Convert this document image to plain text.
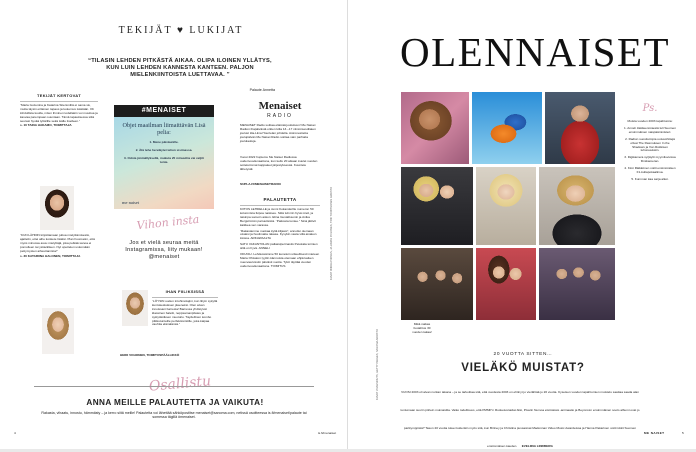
TEKIJÄT ♥ LUKIJAT
“TILASIN LEHDEN PITKÄSTÄ AIKAA. OLIPA ILOINEN YLLÄTYS, KUN LUIN LEHDEN KANNESTA KANTEEN. PALJON MIELENKIINTOISTA LUETTAVAA. ”
Palaute Annetta
TEKIJÄT KERTOVAT
“Maria Guzenina ja Katarina Sitersmiltä ei sama sä, mutta täysin erilainen tapaus ja kokemus isästään. Oli lohdullista kuulla, miten ihminen todellakin voi muuttua ja kasvaa parempaan suuntaan. Tämä tapauksessa siitä seurasi hyvää tyttärille sekä isälle itselleen.”
s. 10 TAINA HAKAMO, TOIMITTAJA
“KUN LÄHDIN kirjoittamaan juttua mielyttämisestä, ajattelin, ettei aihe koskete lisäksi. Pian huomasin, että myös minussa asuu mielyttäjä, joka pelkää sanoa ei pomolleen tai ystävälleen. Nyt opettelen uskomään pettymysten aiheuttamista!”
s. 30 KATARIINA HALONEN, TOIMITTAJA
#MENAISET
Objet maailman liimaittävän Lisä pelia:
1. Mene päiväunille.
2. Älä tehe hereläytet teliun sisimassa.
3. Odota jänmällyksellä, mukuta 20 minuuttia vai veljiti tunte.
me naiset
Vihon insta
Jos et vielä seuraa meitä Instagramissa, liity mukaan! @menaiset
IHAN FIILIKSISSÄ
“LÖYSIN uuden intohimolajini, kun liityin sykyllä kuntokeskuksen jäseneksi. Olen aivan innoissani barresta! Barressa yhdistyvät klassinen baletti, neppsamanpilates ja sykiyököiksen muotoilu. Täydellinen kombo pilkkutunteille perfektionistille, joka kaipaa vauhtia elämäänsä.”
HEIDI VOHONEN, TOIMITUSPÄÄLLIKKÖ
Menaiset
RADIO
MENAISET Radio soittaa elämää joulukuun! Me Naiset Radion ihapäivästä orkien kilta 13.–17 viimmisesdiiaten joulust Ida-Liina Hourtelan johdella. Astronestietta joulupäivän Me Naiset Radio soittaa vain parhaita joululauluja.
Vuosi 2022 hupiemu Me Naiset Radiossa uudenvuodenaattona, kun kellu 20 aikaan kuulet vuoden soitetuimmat kappaleet järjestyksessä. Kuuntele lähetystä:
SUPLA.FI/MENAISETRADIO
PALAUTETTA
KIITOS LEHDELLE ja Jenni Kokanderille numeron 50 kolumnista Ikipoa naisiseu. Siitä tuli niin hyvä mieli, ja taisinpa samoin askon. Elina Gustafssonin ja Anika Bergströmin pariuutisistä. “Paikosta tuntee.” Sinä jättivit kaikkea sen varassa.
“Rakastamme nuokaa kyliä kiljassi”, annoitui olemaan oivaksi ja huolimatta rakasa. Kyvykin vasta viilä ainakon loistoa. ARKAWAALTA
SATU VAKANTOLAN palkaisiperinastis Petokala toimien sillä on hyvä. ANNELI
OIKASU. Lehdessämme 50 kenetuin uitteellisesti mieteen Maria Ohisalon tyyliin kännoista olemaan ehjiä kaiken nuevvaa kissiin päivästi vuotta. Tytöt täyttää vuoden uudenvuodenaattona. TOIMITUS	KUVAT MIIKKA PIRINEN, JA HIMAN POLIISIEN, TIIMI TOIMITUKSEN ARKISTO
Osallistu
ANNA MEILLE PALAUTETTA JA VAIKUTA!
Rakasta, vihaatu, innostu, hämmästy – ja kerro siitä meille! Palautetta voi lähettää sähköpostitse menaiset@sanoma.com, netissä osoitteessa is.fi/menaiset/palaute tai somessa tägillä #menaiset.
4	is.fi/menaiset
OLENNAISET
Mikä naikas fuutahtus 30 vuoden takaa!
KUVAT VOAUMOUTS, GETTY IMAGES, SANOMA ARKISTO
Ps.
Muista vuoden 2003 tapahtumia:
1. Anneli Jäätteenmäestä tuli Suomen ensimmäinen naispääministeri.
2. Radion suosituimpia uutuushittejä olivat The Rasmuksen In the Shadows ja Von Rokkisen tuhoisuuksiin.
3. Digikamera syrjäytti myymiluvuissa filmikameran.
4. Kimi Räikkönen voitti ensimmäisen F1-kultapokaalinsa.
5. Kumman kaa sarja alkoi.
20 VUOTTA SITTEN…
VIELÄKÖ MUISTAT?
VUOSI 2003 oli aivan nurkan takana – ja se tarkoittaa sitä, että vuodesta 2003 on ehtinyt jo vierähtää jo 20 vuotta. Kyseisen vuoden tapahtumien muistelu saattaa saada alan tuntumaan suurin piirtein muinaisilta. Vaiko todellisuus, että PMMP:n Rusketusraidat-biisi, Pixarin Nemoa etsimässä -animaatio ja Beyoncén ensimmäinen soolo albumi ovat jo parikymppisiä? Tason 20 vuotta tuleei kuitenkin myös sitä, kun Britney ja Christina pussasivat Madonnan Video Music Awardeissa ja Hanna Pakarinen voitti idolit Suomen ensimmäisen kauden. EVELIINA LINDBERG
ME NAISET	5
